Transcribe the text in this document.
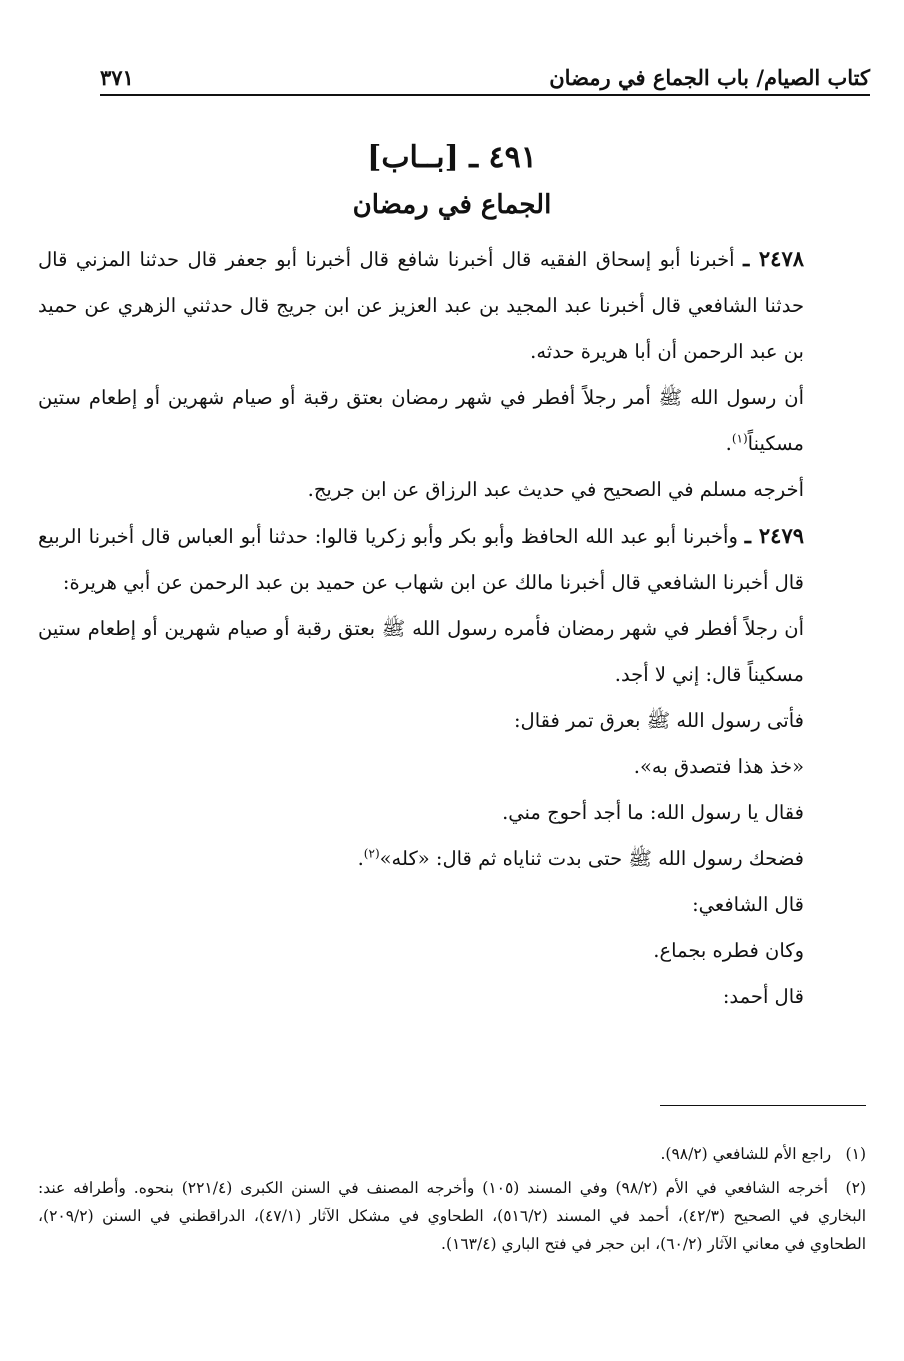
كتاب الصيام/ باب الجماع في رمضان
٣٧١
٤٩١ ـ [بــاب]
الجماع في رمضان

٢٤٧٨ ـ أخبرنا أبو إسحاق الفقيه قال أخبرنا شافع قال أخبرنا أبو جعفر قال حدثنا المزني قال حدثنا الشافعي قال أخبرنا عبد المجيد بن عبد العزيز عن ابن جريج قال حدثني الزهري عن حميد بن عبد الرحمن أن أبا هريرة حدثه.

أن رسول الله ﷺ أمر رجلاً أفطر في شهر رمضان بعتق رقبة أو صيام شهرين أو إطعام ستين مسكيناً$^{(١)}$.

أخرجه مسلم في الصحيح في حديث عبد الرزاق عن ابن جريج.

٢٤٧٩ ـ وأخبرنا أبو عبد الله الحافظ وأبو بكر وأبو زكريا قالوا: حدثنا أبو العباس قال أخبرنا الربيع قال أخبرنا الشافعي قال أخبرنا مالك عن ابن شهاب عن حميد بن عبد الرحمن عن أبي هريرة:

أن رجلاً أفطر في شهر رمضان فأمره رسول الله ﷺ بعتق رقبة أو صيام شهرين أو إطعام ستين مسكيناً قال: إني لا أجد.

فأتى رسول الله ﷺ بعرق تمر فقال:

«خذ هذا فتصدق به».

فقال يا رسول الله: ما أجد أحوج مني.

فضحك رسول الله ﷺ حتى بدت ثناياه ثم قال: «كله»$^{(٢)}$.

قال الشافعي:

وكان فطره بجماع.

قال أحمد:

(١) راجع الأم للشافعي (٩٨/٢).

(٢) أخرجه الشافعي في الأم (٩٨/٢) وفي المسند (١٠٥) وأخرجه المصنف في السنن الكبرى (٢٢١/٤) بنحوه. وأطرافه عند: البخاري في الصحيح (٤٢/٣)، أحمد في المسند (٥١٦/٢)، الطحاوي في مشكل الآثار (٤٧/١)، الدراقطني في السنن (٢٠٩/٢)، الطحاوي في معاني الآثار (٦٠/٢)، ابن حجر في فتح الباري (١٦٣/٤).
